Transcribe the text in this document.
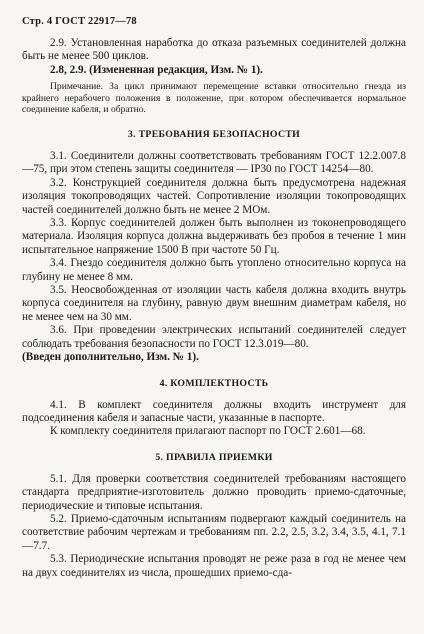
Стр. 4 ГОСТ 22917—78

2.9. Установленная наработка до отказа разъемных соединителей должна быть не менее 500 циклов.

2.8, 2.9. (Измененная редакция, Изм. № 1).

Примечание. За цикл принимают перемещение вставки относительно гнезда из крайнего нерабочего положения в положение, при котором обеспечивается нормальное соединение кабеля, и обратно.

3. ТРЕБОВАНИЯ БЕЗОПАСНОСТИ

3.1. Соединители должны соответствовать требованиям ГОСТ 12.2.007.8—75, при этом степень защиты соединителя — IP30 по ГОСТ 14254—80.

3.2. Конструкцией соединителя должна быть предусмотрена надежная изоляция токопроводящих частей. Сопротивление изоляции токопроводящих частей соединителей должно быть не менее 2 МОм.

3.3. Корпус соединителей должен быть выполнен из токонепроводящего материала. Изоляция корпуса должна выдерживать без пробоя в течение 1 мин испытательное напряжение 1500 В при частоте 50 Гц.

3.4. Гнездо соединителя должно быть утоплено относительно корпуса на глубину не менее 8 мм.

3.5. Неосвобожденная от изоляции часть кабеля должна входить внутрь корпуса соединителя на глубину, равную двум внешним диаметрам кабеля, но не менее чем на 30 мм.

3.6. При проведении электрических испытаний соединителей следует соблюдать требования безопасности по ГОСТ 12.3.019—80.

(Введен дополнительно, Изм. № 1).

4. КОМПЛЕКТНОСТЬ

4.1. В комплект соединителя должны входить инструмент для подсоединения кабеля и запасные части, указанные в паспорте.

К комплекту соединителя прилагают паспорт по ГОСТ 2.601—68.

5. ПРАВИЛА ПРИЕМКИ

5.1. Для проверки соответствия соединителей требованиям настоящего стандарта предприятие-изготовитель должно проводить приемо-сдаточные, периодические и типовые испытания.

5.2. Приемо-сдаточным испытаниям подвергают каждый соединитель на соответствие рабочим чертежам и требованиям пп. 2.2, 2.5, 3.2, 3.4, 3.5, 4.1, 7.1—7.7.

5.3. Периодические испытания проводят не реже раза в год не менее чем на двух соединителях из числа, прошедших приемо-сда-
